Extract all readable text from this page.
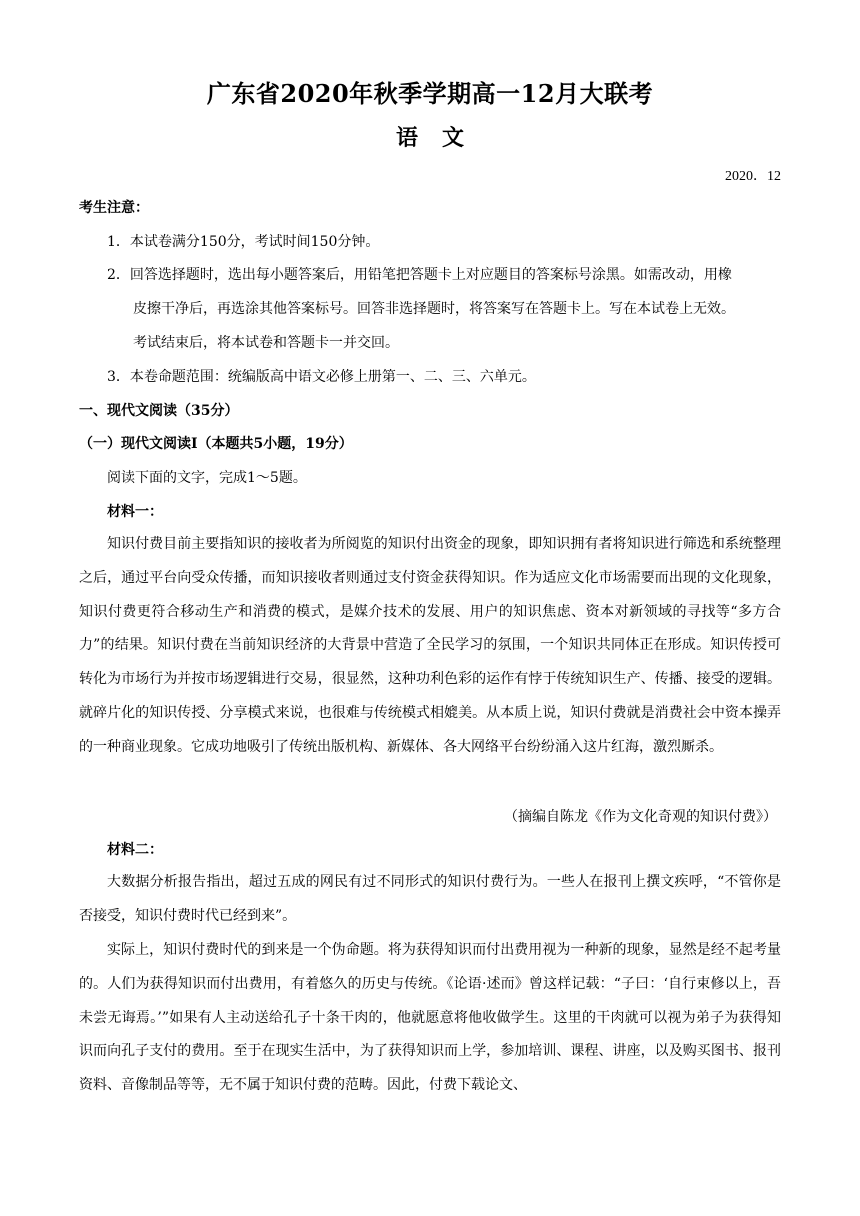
广东省2020年秋季学期高一12月大联考
语文
2020．12
考生注意：
1．本试卷满分150分，考试时间150分钟。
2．回答选择题时，选出每小题答案后，用铅笔把答题卡上对应题目的答案标号涂黑。如需改动，用橡
皮擦干净后，再选涂其他答案标号。回答非选择题时，将答案写在答题卡上。写在本试卷上无效。
考试结束后，将本试卷和答题卡一并交回。
3．本卷命题范围：统编版高中语文必修上册第一、二、三、六单元。
一、现代文阅读（35分）
（一）现代文阅读Ⅰ（本题共5小题，19分）
阅读下面的文字，完成1～5题。
材料一：

知识付费目前主要指知识的接收者为所阅览的知识付出资金的现象，即知识拥有者将知识进行筛选和系统整理之后，通过平台向受众传播，而知识接收者则通过支付资金获得知识。作为适应文化市场需要而出现的文化现象，知识付费更符合移动生产和消费的模式，是媒介技术的发展、用户的知识焦虑、资本对新领域的寻找等“多方合力”的结果。知识付费在当前知识经济的大背景中营造了全民学习的氛围，一个知识共同体正在形成。知识传授可转化为市场行为并按市场逻辑进行交易，很显然，这种功利色彩的运作有悖于传统知识生产、传播、接受的逻辑。就碎片化的知识传授、分享模式来说，也很难与传统模式相媲美。从本质上说，知识付费就是消费社会中资本操弄的一种商业现象。它成功地吸引了传统出版机构、新媒体、各大网络平台纷纷涌入这片红海，激烈厮杀。

（摘编自陈龙《作为文化奇观的知识付费》）
材料二：

大数据分析报告指出，超过五成的网民有过不同形式的知识付费行为。一些人在报刊上撰文疾呼，“不管你是否接受，知识付费时代已经到来”。

实际上，知识付费时代的到来是一个伪命题。将为获得知识而付出费用视为一种新的现象，显然是经不起考量的。人们为获得知识而付出费用，有着悠久的历史与传统。《论语·述而》曾这样记载：“子曰：‘自行束修以上，吾未尝无诲焉。’”如果有人主动送给孔子十条干肉的，他就愿意将他收做学生。这里的干肉就可以视为弟子为获得知识而向孔子支付的费用。至于在现实生活中，为了获得知识而上学，参加培训、课程、讲座，以及购买图书、报刊资料、音像制品等等，无不属于知识付费的范畴。因此，付费下载论文、
